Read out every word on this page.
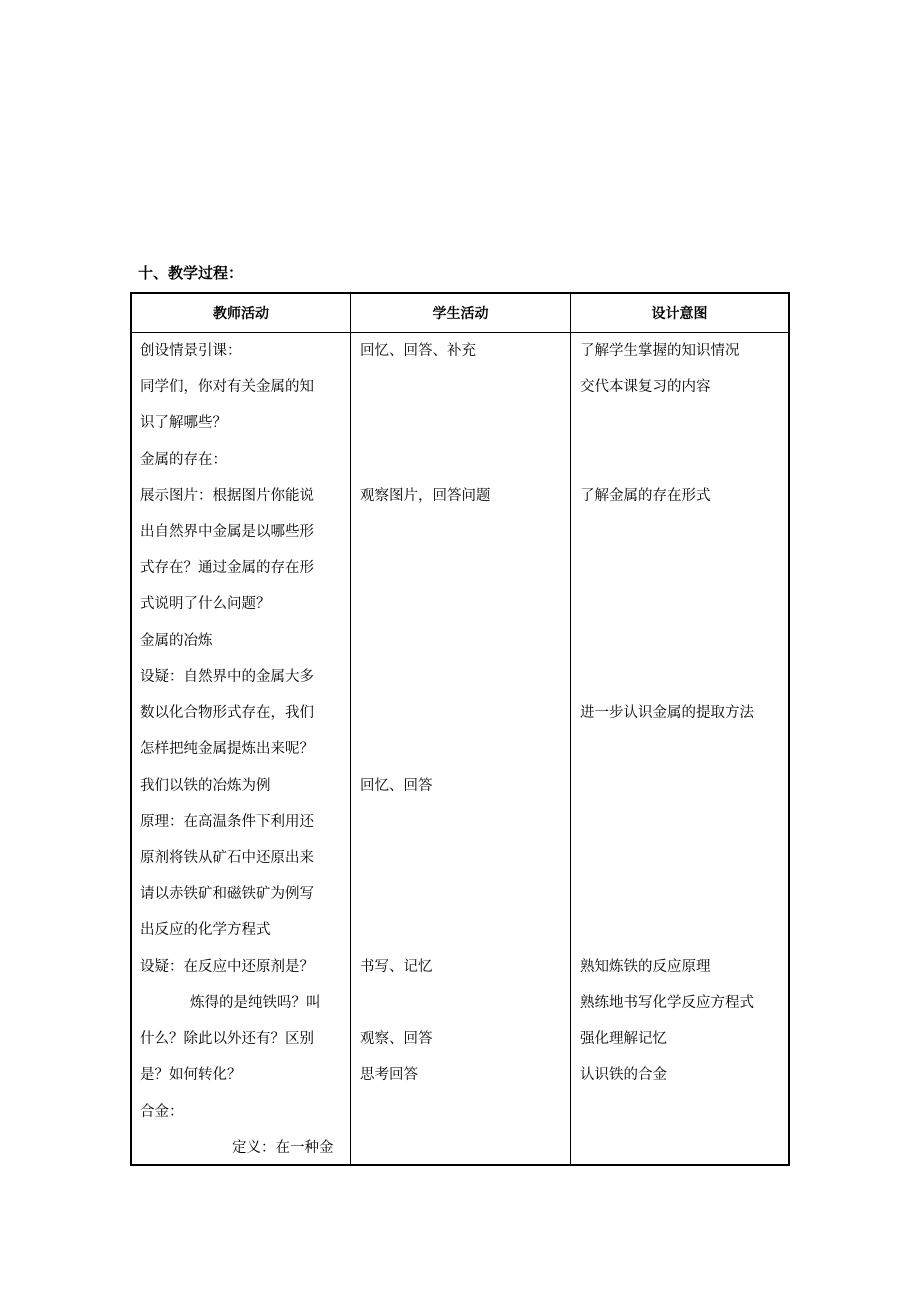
十、教学过程：
教师活动	学生活动	设计意图
创设情景引课：
同学们，你对有关金属的知
识了解哪些？
金属的存在：
展示图片：根据图片你能说
出自然界中金属是以哪些形
式存在？通过金属的存在形
式说明了什么问题？
金属的冶炼
设疑：自然界中的金属大多
数以化合物形式存在，我们
怎样把纯金属提炼出来呢？
我们以铁的冶炼为例
原理：在高温条件下利用还
原剂将铁从矿石中还原出来
请以赤铁矿和磁铁矿为例写
出反应的化学方程式
设疑：在反应中还原剂是？
炼得的是纯铁吗？叫
什么？除此以外还有？区别
是？如何转化？
合金：
定义：在一种金
回忆、回答、补充
观察图片，回答问题
回忆、回答
书写、记忆
观察、回答
思考回答
了解学生掌握的知识情况
交代本课复习的内容
了解金属的存在形式
进一步认识金属的提取方法
熟知炼铁的反应原理
熟练地书写化学反应方程式
强化理解记忆
认识铁的合金
